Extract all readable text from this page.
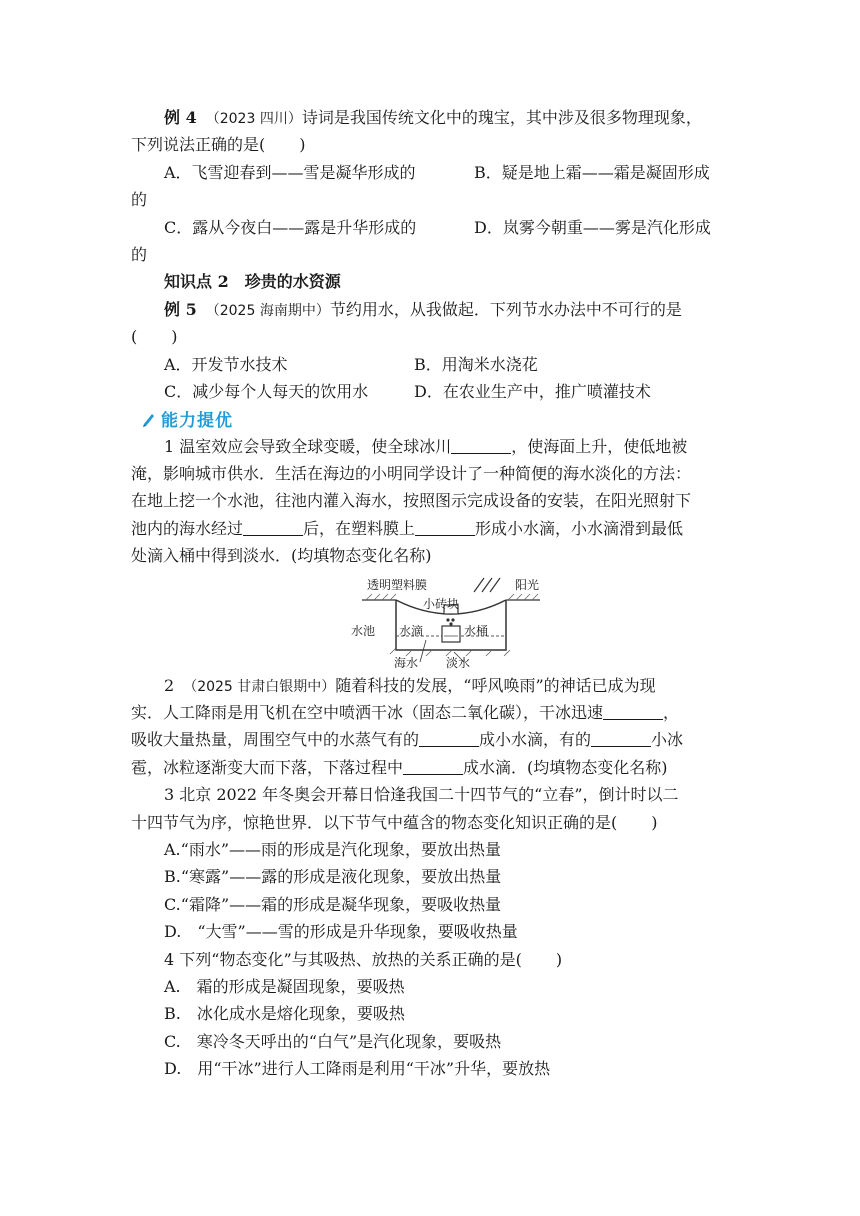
例 4　 （2023 四川）诗词是我国传统文化中的瑰宝，其中涉及很多物理现象，
下列说法正确的是( )
A．飞雪迎春到——雪是凝华形成的	B．疑是地上霜——霜是凝固形成
的
C．露从今夜白——露是升华形成的	D．岚雾今朝重——雾是汽化形成
的
知识点 2　珍贵的水资源
例 5　 （2025 海南期中）节约用水，从我做起．下列节水办法中不可行的是
( )
A．开发节水技术	B．用淘米水浇花
C．减少每个人每天的饮用水	D．在农业生产中，推广喷灌技术
能力提优
1 温室效应会导致全球变暖，使全球冰川	，使海面上升，使低地被
淹，影响城市供水．生活在海边的小明同学设计了一种简便的海水淡化的方法：
在地上挖一个水池，往池内灌入海水，按照图示完成设备的安装，在阳光照射下
池内的海水经过	后，在塑料膜上	形成小水滴，小水滴滑到最低
处滴入桶中得到淡水．(均填物态变化名称)
透明塑料膜	阳光
小砖块
水池 水滴	水桶
海水 淡水
2　 （2025 甘肃白银期中）随着科技的发展，“呼风唤雨”的神话已成为现
实．人工降雨是用飞机在空中喷洒干冰（固态二氧化碳），干冰迅速	，
吸收大量热量，周围空气中的水蒸气有的	成小水滴，有的	小冰
雹，冰粒逐渐变大而下落，下落过程中	成水滴．(均填物态变化名称)
3 北京 2022 年冬奥会开幕日恰逢我国二十四节气的“立春”，倒计时以二
十四节气为序，惊艳世界．以下节气中蕴含的物态变化知识正确的是( )
A.“雨水”——雨的形成是汽化现象，要放出热量
B.“寒露”——露的形成是液化现象，要放出热量
C.“霜降”——霜的形成是凝华现象，要吸收热量
D.　“大雪”——雪的形成是升华现象，要吸收热量
4 下列“物态变化”与其吸热、放热的关系正确的是( )
A.　霜的形成是凝固现象，要吸热
B.　冰化成水是熔化现象，要吸热
C.　寒冷冬天呼出的“白气”是汽化现象，要吸热
D.　用“干冰”进行人工降雨是利用“干冰”升华，要放热
